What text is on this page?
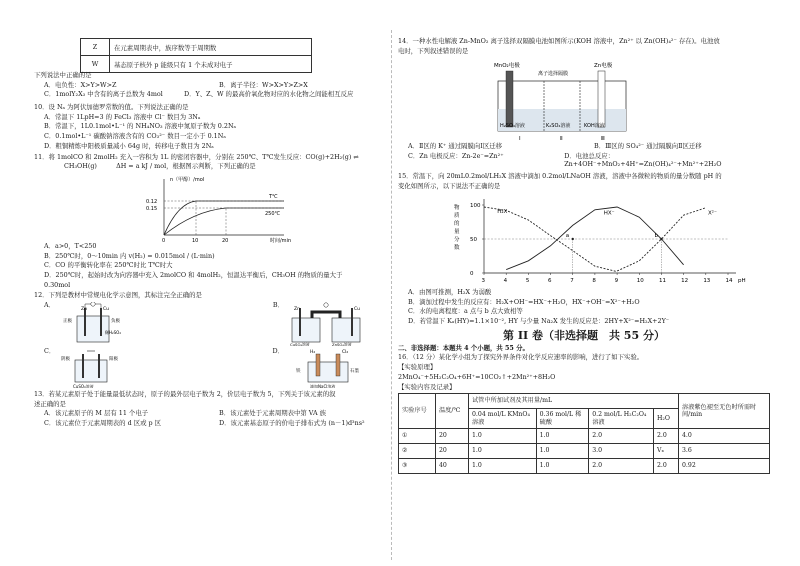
Z	在元素周期表中，族序数等于周期数
W	基态原子核外 p 能级只有 1 个未成对电子

下列说法中正确的是

A．电负性：X>Y>W>Z	B．离子半径：W>X>Y>Z>X
C．1molY₂X₃ 中含有的离子总数为 4mol	D．Y、Z、W 的最高价氧化物对应的水化物之间能相互反应

10．设 Nₐ 为阿伏加德罗常数的值。下列说法正确的是

A．常温下 1LpH=3 的 FeCl₃ 溶液中 Cl⁻ 数目为 3Nₐ

B．常温下，1L0.1mol•L⁻¹ 的 NH₄NO₃ 溶液中氮原子数为 0.2Nₐ

C．0.1mol•L⁻¹ 碳酸钠溶液含有的 CO₃²⁻ 数目一定小于 0.1Nₐ

D．粗铜精炼中阳极质量减小 64g 时，转移电子数目为 2Nₐ

11．将 1molCO 和 2molH₂ 充入一容积为 1L 的密闭容器中，分别在 250℃、T℃发生反应：CO(g)+2H₂(g) ⇌

CH₃OH(g)　　　ΔH = a kJ / mol，根据图示判断，下列正确的是

n（甲醇）/mol
时间/min
T℃
250℃
0.15
0.12
0	10	20

A．a>0，T<250

B．250℃时，0～10min 内 v(H₂) = 0.015mol / (L·min)

C．CO 的平衡转化率在 250℃时比 T℃时大

D．250℃时，起始时改为向容器中充入 2molCO 和 4molH₂，恒温达平衡后，CH₃OH 的物质的量大于

0.30mol

12．下列是教材中常规电化学示意图，其标注完全正确的是

A．
Zn	Cu
正极	负极
稀H₂SO₄
B．
Zn	Cu
CuSO₄溶液	ZnSO₄溶液
C．
阴极	阳极
CuSO₄溶液
D．	H₂	Cl₂
铁	石墨
滴加NaCl溶液

13．若某元素原子处于能量最低状态时，原子的最外层电子数为 2，价层电子数为 5，下列关于该元素的叙

述正确的是

A．该元素原子的 M 层有 11 个电子	B．该元素处于元素周期表中第 VA 族
C．该元素位于元素周期表的 d 区或 p 区	D．该元素基态原子的价电子排布式为 (n－1)d³ns²

14．一种水性电解液 Zn-MnO₂ 离子选择双隔膜电池如图所示(KOH 溶液中，Zn²⁺ 以 Zn(OH)₄²⁻ 存在)。电池放

电时，下列叙述错误的是

MnO₂电极	Zn电极
离子选择隔膜
H₂SO₄溶液	K₂SO₄溶液	KOH溶液
Ⅰ	Ⅱ	Ⅲ
A．Ⅱ区的 K⁺ 通过隔膜向Ⅰ区迁移	B．Ⅲ区的 SO₄²⁻ 通过隔膜向Ⅱ区迁移
C．Zn 电极反应：Zn-2e⁻=Zn²⁺	D．电池总反应：Zn+4OH⁻+MnO₂+4H⁺=Zn(OH)₄²⁻+Mn²⁺+2H₂O

15．常温下，向 20mL0.2mol/LH₂X 溶液中滴加 0.2mol/LNaOH 溶液，溶液中各微粒的物质的量分数随 pH 的

变化如图所示，以下说法不正确的是

3	4	5	6	7	8	9	10	11	12	13	14
0
50
100
pH
物
质
的
量
分
数
H₂X	HX⁻	X²⁻
a	b

A．由图可推测，H₂X 为弱酸

B．滴加过程中发生的反应有：H₂X+OH⁻=HX⁻+H₂O，HX⁻+OH⁻=X²⁻+H₂O

C．水的电离程度：a 点与 b 点大致相等

D．若常温下 Kₐ(HY)=1.1×10⁻², HY 与少量 Na₂X 发生的反应是：2HY+X²⁻=H₂X+2Y⁻

第 II 卷（非选择题　共 55 分）

二、非选择题：本题共 4 个小题，共 55 分。

16．（12 分）某化学小组为了探究外界条件对化学反应速率的影响，进行了如下实验。

【实验原理】

2MnO₄⁻+5H₂C₂O₄+6H⁺=10CO₂↑+2Mn²⁺+8H₂O

【实验内容及记录】

实验序号	温度/℃	试管中所加试剂及其用量/mL				溶液紫色褪至无色时所需时间/min
		0.04 mol/L KMnO₄ 溶液	0.36 mol/L 稀硫酸	0.2 mol/L H₂C₂O₄ 溶液	H₂O	
①	20	1.0	1.0	2.0	2.0	4.0
②	20	1.0	1.0	3.0	Vₓ	3.6
③	40	1.0	1.0	2.0	2.0	0.92
